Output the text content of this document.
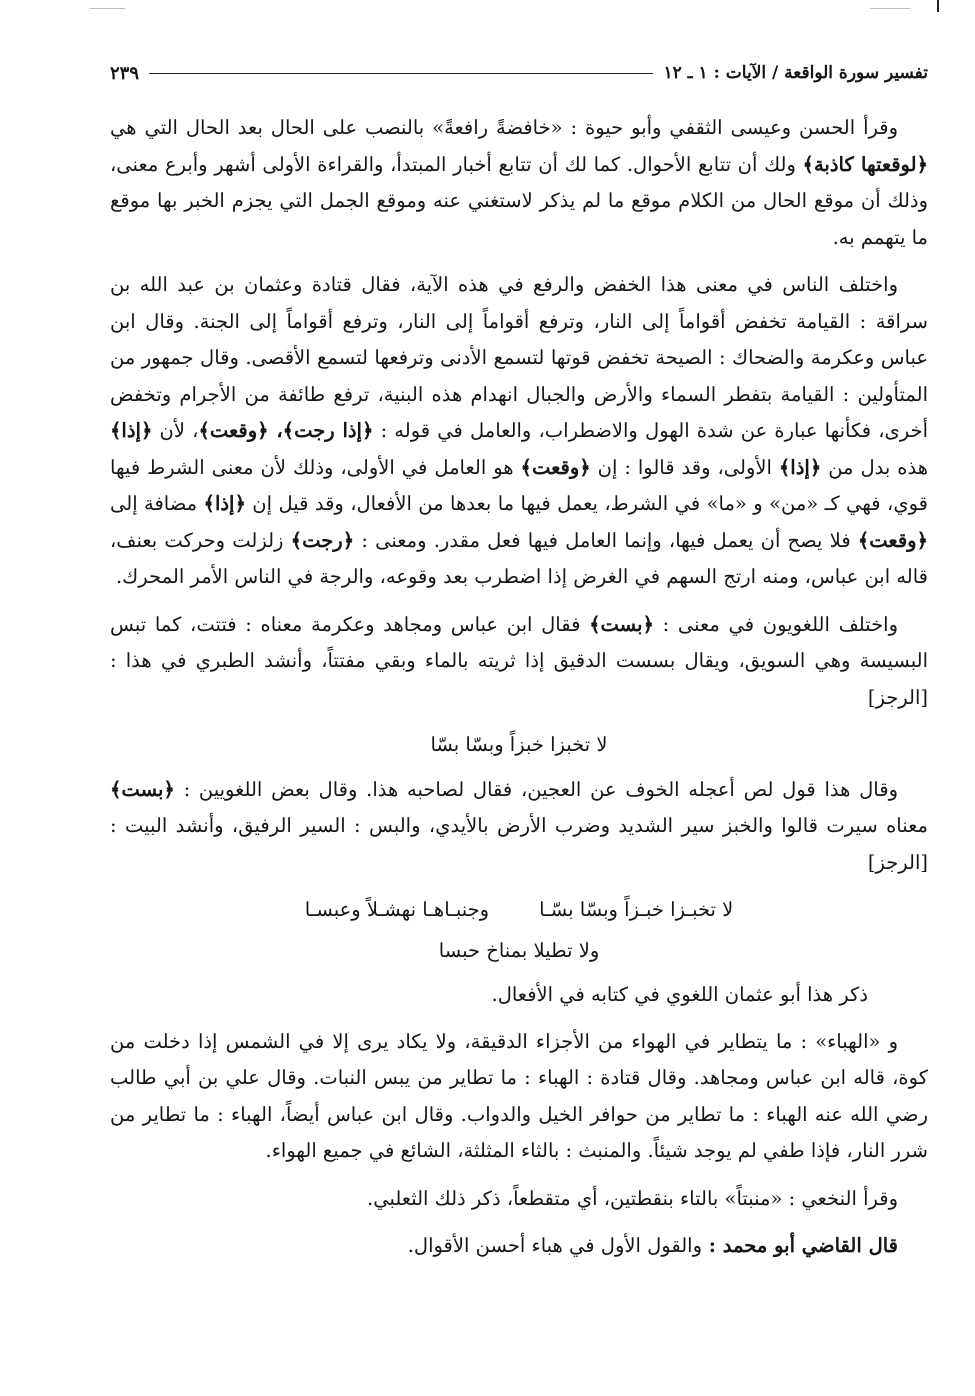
تفسير سورة الواقعة / الآيات : ١ ـ ١٢
٢٣٩

وقرأ الحسن وعيسى الثقفي وأبو حيوة : «خافضةً رافعةً» بالنصب على الحال بعد الحال التي هي ﴿لوقعتها كاذبة﴾ ولك أن تتابع الأحوال. كما لك أن تتابع أخبار المبتدأ، والقراءة الأولى أشهر وأبرع معنى، وذلك أن موقع الحال من الكلام موقع ما لم يذكر لاستغني عنه وموقع الجمل التي يجزم الخبر بها موقع ما يتهمم به.

واختلف الناس في معنى هذا الخفض والرفع في هذه الآية، فقال قتادة وعثمان بن عبد الله بن سراقة : القيامة تخفض أقواماً إلى النار، وترفع أقواماً إلى النار، وترفع أقواماً إلى الجنة. وقال ابن عباس وعكرمة والضحاك : الصيحة تخفض قوتها لتسمع الأدنى وترفعها لتسمع الأقصى. وقال جمهور من المتأولين : القيامة بتفطر السماء والأرض والجبال انهدام هذه البنية، ترفع طائفة من الأجرام وتخفض أخرى، فكأنها عبارة عن شدة الهول والاضطراب، والعامل في قوله : ﴿إذا رجت﴾، ﴿وقعت﴾، لأن ﴿إذا﴾ هذه بدل من ﴿إذا﴾ الأولى، وقد قالوا : إن ﴿وقعت﴾ هو العامل في الأولى، وذلك لأن معنى الشرط فيها قوي، فهي كـ «من» و «ما» في الشرط، يعمل فيها ما بعدها من الأفعال، وقد قيل إن ﴿إذا﴾ مضافة إلى ﴿وقعت﴾ فلا يصح أن يعمل فيها، وإنما العامل فيها فعل مقدر. ومعنى : ﴿رجت﴾ زلزلت وحركت بعنف، قاله ابن عباس، ومنه ارتج السهم في الغرض إذا اضطرب بعد وقوعه، والرجة في الناس الأمر المحرك.

واختلف اللغويون في معنى : ﴿بست﴾ فقال ابن عباس ومجاهد وعكرمة معناه : فتتت، كما تبس البسيسة وهي السويق، ويقال بسست الدقيق إذا ثريته بالماء وبقي مفتتاً، وأنشد الطبري في هذا : [الرجز]

لا تخبزا خبزاً وبسّا بسّا

وقال هذا قول لص أعجله الخوف عن العجين، فقال لصاحبه هذا. وقال بعض اللغويين : ﴿بست﴾ معناه سيرت قالوا والخبز سير الشديد وضرب الأرض بالأيدي، والبس : السير الرفيق، وأنشد البيت : [الرجز]

لا تخبـزا خبـزاً وبسّا بسّـا
وجنبـاهـا نهشـلاً وعبسـا
ولا تطيلا بمناخ حبسا

ذكر هذا أبو عثمان اللغوي في كتابه في الأفعال.

و «الهباء» : ما يتطاير في الهواء من الأجزاء الدقيقة، ولا يكاد يرى إلا في الشمس إذا دخلت من كوة، قاله ابن عباس ومجاهد. وقال قتادة : الهباء : ما تطاير من يبس النبات. وقال علي بن أبي طالب رضي الله عنه الهباء : ما تطاير من حوافر الخيل والدواب. وقال ابن عباس أيضاً، الهباء : ما تطاير من شرر النار، فإذا طفي لم يوجد شيئاً. والمنبث : بالثاء المثلثة، الشائع في جميع الهواء.

وقرأ النخعي : «منبتاً» بالتاء بنقطتين، أي متقطعاً، ذكر ذلك الثعلبي.

قال القاضي أبو محمد : والقول الأول في هباء أحسن الأقوال.
